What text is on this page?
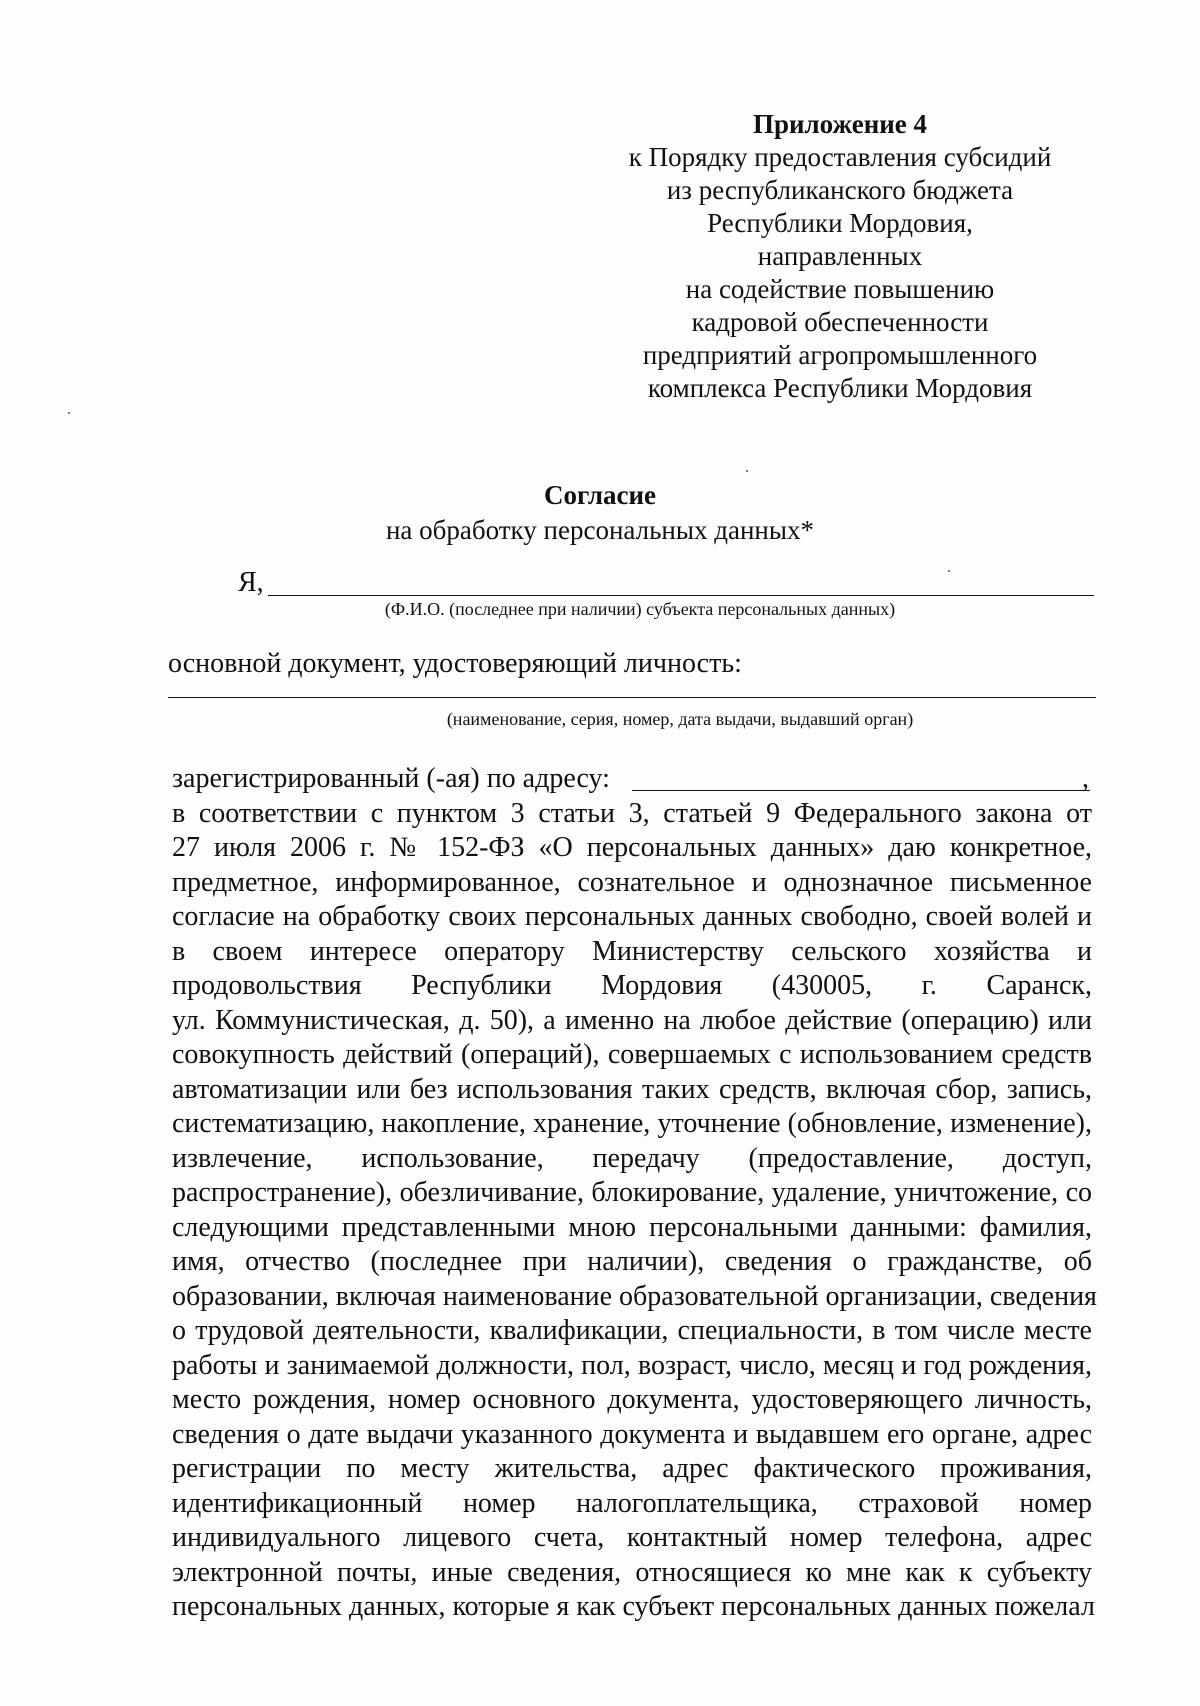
Приложение 4
к Порядку предоставления субсидий
из республиканского бюджета
Республики Мордовия,
направленных
на содействие повышению
кадровой обеспеченности
предприятий агропромышленного
комплекса Республики Мордовия
Согласие
на обработку персональных данных*
Я,
(Ф.И.О. (последнее при наличии) субъекта персональных данных)
основной документ, удостоверяющий личность:
(наименование, серия, номер, дата выдачи, выдавший орган)
зарегистрированный (-ая) по адресу:	,
в соответствии с пунктом 3 статьи 3, статьей 9 Федерального закона от
27 июля 2006 г. № 152-ФЗ «О персональных данных» даю конкретное,
предметное, информированное, сознательное и однозначное письменное
согласие на обработку своих персональных данных свободно, своей волей и
в своем интересе оператору Министерству сельского хозяйства и
продовольствия Республики Мордовия (430005, г. Саранск,
ул. Коммунистическая, д. 50), а именно на любое действие (операцию) или
совокупность действий (операций), совершаемых с использованием средств
автоматизации или без использования таких средств, включая сбор, запись,
систематизацию, накопление, хранение, уточнение (обновление, изменение),
извлечение, использование, передачу (предоставление, доступ,
распространение), обезличивание, блокирование, удаление, уничтожение, со
следующими представленными мною персональными данными: фамилия,
имя, отчество (последнее при наличии), сведения о гражданстве, об
образовании, включая наименование образовательной организации, сведения
о трудовой деятельности, квалификации, специальности, в том числе месте
работы и занимаемой должности, пол, возраст, число, месяц и год рождения,
место рождения, номер основного документа, удостоверяющего личность,
сведения о дате выдачи указанного документа и выдавшем его органе, адрес
регистрации по месту жительства, адрес фактического проживания,
идентификационный номер налогоплательщика, страховой номер
индивидуального лицевого счета, контактный номер телефона, адрес
электронной почты, иные сведения, относящиеся ко мне как к субъекту
персональных данных, которые я как субъект персональных данных пожелал
